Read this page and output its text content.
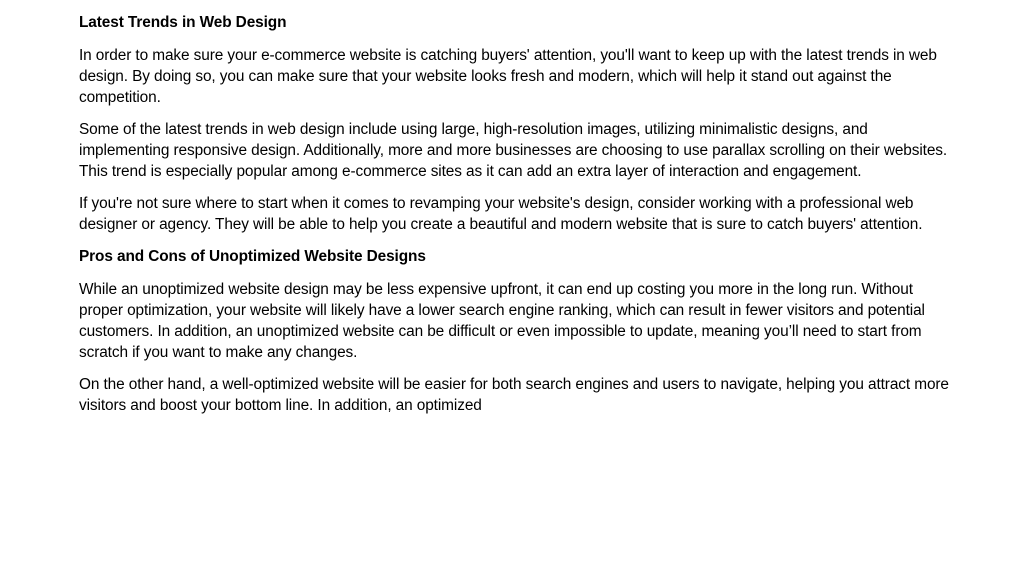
Latest Trends in Web Design

In order to make sure your e-commerce website is catching buyers' attention, you'll want to keep up with the latest trends in web design. By doing so, you can make sure that your website looks fresh and modern, which will help it stand out against the competition.

Some of the latest trends in web design include using large, high-resolution images, utilizing minimalistic designs, and implementing responsive design. Additionally, more and more businesses are choosing to use parallax scrolling on their websites. This trend is especially popular among e-commerce sites as it can add an extra layer of interaction and engagement.

If you're not sure where to start when it comes to revamping your website's design, consider working with a professional web designer or agency. They will be able to help you create a beautiful and modern website that is sure to catch buyers' attention.

Pros and Cons of Unoptimized Website Designs

While an unoptimized website design may be less expensive upfront, it can end up costing you more in the long run. Without proper optimization, your website will likely have a lower search engine ranking, which can result in fewer visitors and potential customers. In addition, an unoptimized website can be difficult or even impossible to update, meaning you’ll need to start from scratch if you want to make any changes.

On the other hand, a well-optimized website will be easier for both search engines and users to navigate, helping you attract more visitors and boost your bottom line. In addition, an optimized
